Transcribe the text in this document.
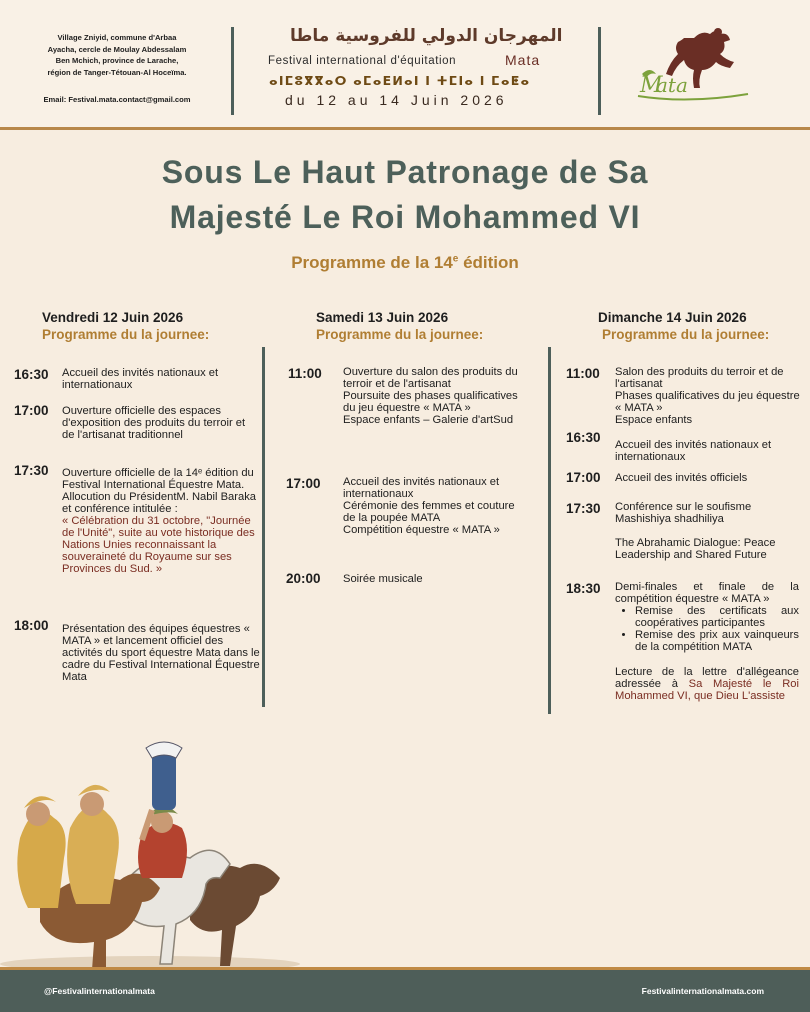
Village Zniyid, commune d'Arbaa
Ayacha, cercle de Moulay Abdessalam
Ben Mchich, province de Larache,
région de Tanger-Tétouan-Al Hoceïma.
Email: Festival.mata.contact@gmail.com
المهرجان الدولي للفروسية ماطا
Festival international d'équitation	Mata
ⴰⵏⵎⵓⴳⴳⴰⵔ ⴰⵎⴰⴹⵍⴰⵏ ⵏ ⵜⵎⵏⴰ ⵏ ⵎⴰⵟⴰ
du 12 au 14 Juin 2026
ata
M
Sous Le Haut Patronage de Sa
Majesté Le Roi Mohammed VI
Programme de la 14e édition
Vendredi 12 Juin 2026
Programme du la journee:
Samedi 13 Juin 2026
Programme du la journee:
Dimanche 14 Juin 2026
Programme du la journee:
16:30 Accueil des invités nationaux et internationaux
17:00 Ouverture officielle des espaces d'exposition des produits du terroir et de l'artisanat traditionnel
17:30 Ouverture officielle de la 14ᵉ édition du Festival International Équestre Mata. Allocution du PrésidentM. Nabil Baraka et conférence intitulée :
« Célébration du 31 octobre, "Journée de l'Unité", suite au vote historique des Nations Unies reconnaissant la souveraineté du Royaume sur ses Provinces du Sud. »
18:00 Présentation des équipes équestres « MATA » et lancement officiel des activités du sport équestre Mata dans le cadre du Festival International Équestre Mata
11:00 Ouverture du salon des produits du terroir et de l'artisanat
Poursuite des phases qualificatives du jeu équestre « MATA »
Espace enfants – Galerie d'artSud
17:00 Accueil des invités nationaux et internationaux
Cérémonie des femmes et couture de la poupée MATA
Compétition équestre « MATA »
20:00 Soirée musicale
11:00 Salon des produits du terroir et de l'artisanat
Phases qualificatives du jeu équestre « MATA »
Espace enfants
16:30 Accueil des invités nationaux et internationaux
17:00 Accueil des invités officiels
17:30 Conférence sur le soufisme
Mashishiya shadhiliya
The Abrahamic Dialogue: Peace Leadership and Shared Future
18:30 Demi-finales et finale de la compétition équestre « MATA »
• Remise des certificats aux coopératives participantes
• Remise des prix aux vainqueurs de la compétition MATA
Lecture de la lettre d'allégeance adressée à Sa Majesté le Roi Mohammed VI, que Dieu L'assiste
@Festivalinternationalmata	Festivalinternationalmata.com
